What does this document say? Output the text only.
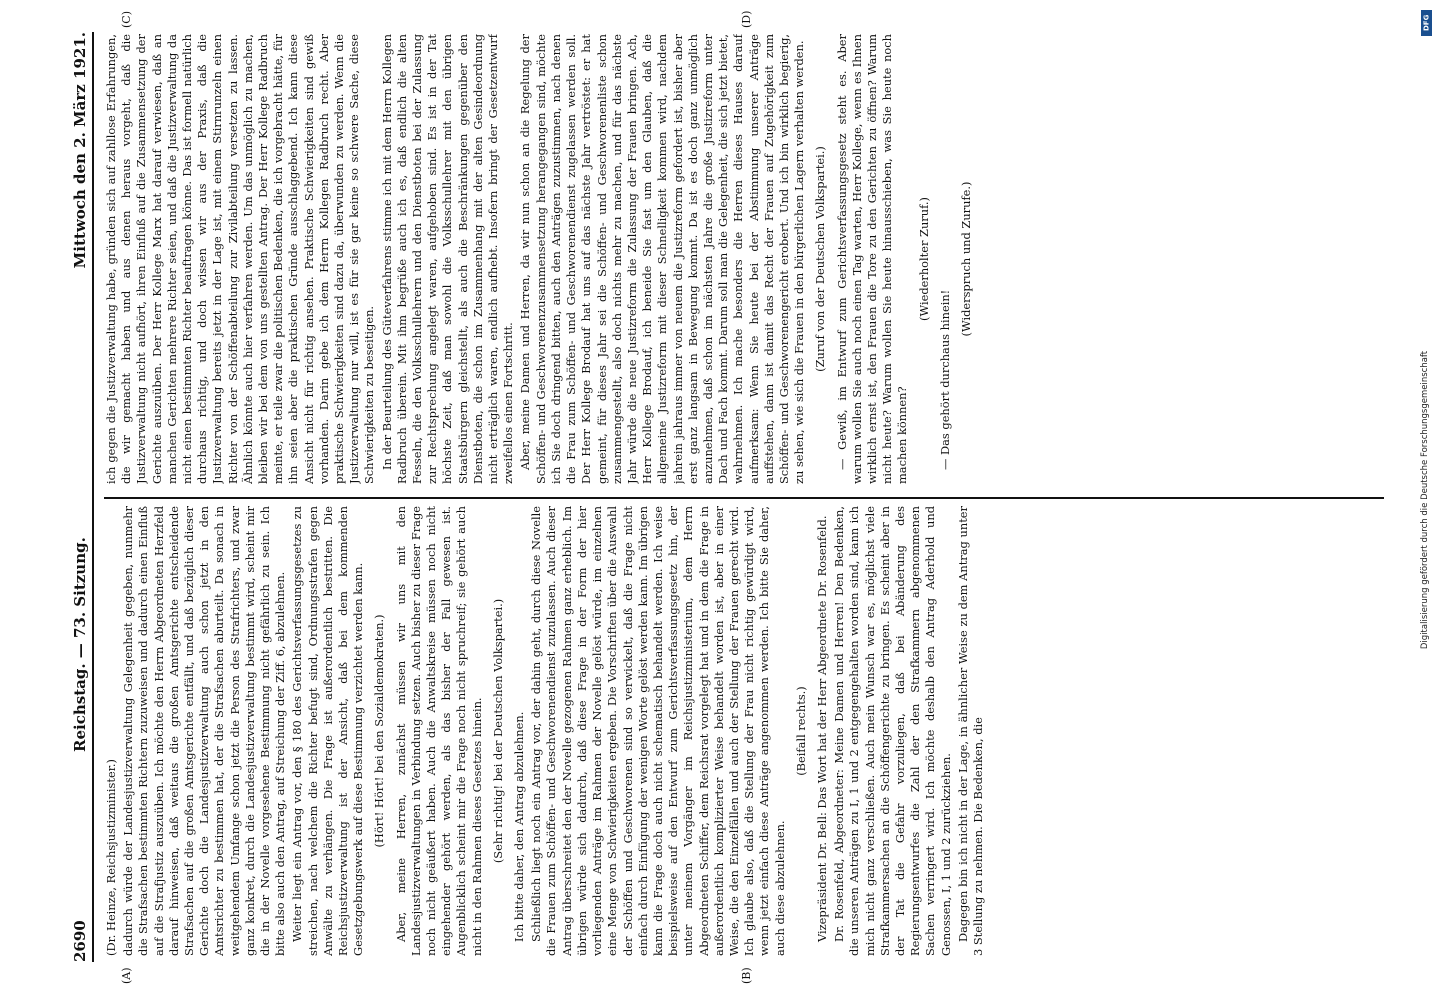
2690
Reichstag. — 73. Sitzung.
Mittwoch den 2. März 1921.
(A)	(B)
(C)	(D)

(Dr. Heinze, Reichsjustizminister.) dadurch würde der Landesjustizverwaltung Gelegenheit gegeben, nunmehr die Strafsachen bestimmten Richtern zuzuweisen und dadurch einen Einfluß auf die Strafjustiz auszuüben. Ich möchte den Herrn Abgeordneten Herzfeld darauf hinweisen, daß weitaus die großen Amtsgerichte entscheidende Strafsachen auf die großen Amtsgerichte entfällt, und daß bezüglich dieser Gerichte doch die Landesjustizverwaltung auch schon jetzt in den Amtsrichter zu bestimmen hat, der die Strafsachen aburteilt. Da sonach in weitgehendem Umfange schon jetzt die Person des Strafrichters, und zwar ganz konkret, durch die Landesjustizverwaltung bestimmt wird, scheint mir die in der Novelle vorgesehene Bestimmung nicht gefährlich zu sein. Ich bitte also auch den Antrag, auf Streichung der Ziff. 6, abzulehnen. Weiter liegt ein Antrag vor, den § 180 des Gerichtsverfassungsgesetzes zu streichen, nach welchem die Richter befugt sind, Ordnungsstrafen gegen Anwälte zu verhängen. Die Frage ist außerordentlich bestritten. Die Reichsjustizverwaltung ist der Ansicht, daß bei dem kommenden Gesetzgebungswerk auf diese Bestimmung verzichtet werden kann. (Hört! Hört! bei den Sozialdemokraten.) Aber, meine Herren, zunächst müssen wir uns mit den Landesjustizverwaltungen in Verbindung setzen. Auch bisher zu dieser Frage noch nicht geäußert haben. Auch die Anwaltskreise müssen noch nicht eingehender gehört werden, als das bisher der Fall gewesen ist. Augenblicklich scheint mir die Frage noch nicht spruchreif; sie gehört auch nicht in den Rahmen dieses Gesetzes hinein. (Sehr richtig! bei der Deutschen Volkspartei.) Ich bitte daher, den Antrag abzulehnen. Schließlich liegt noch ein Antrag vor, der dahin geht, durch diese Novelle die Frauen zum Schöffen- und Geschworenendienst zuzulassen. Auch dieser Antrag überschreitet den der Novelle gezogenen Rahmen ganz erheblich. Im übrigen würde sich dadurch, daß diese Frage in der Form der hier vorliegenden Anträge im Rahmen der Novelle gelöst würde, im einzelnen eine Menge von Schwierigkeiten ergeben. Die Vorschriften über die Auswahl der Schöffen und Geschworenen sind so verwickelt, daß die Frage nicht einfach durch Einfügung der wenigen Worte gelöst werden kann. Im übrigen kann die Frage doch auch nicht schematisch behandelt werden. Ich weise beispielsweise auf den Entwurf zum Gerichtsverfassungsgesetz hin, der unter meinem Vorgänger im Reichsjustizministerium, dem Herrn Abgeordneten Schiffer, dem Reichsrat vorgelegt hat und in dem die Frage in außerordentlich komplizierter Weise behandelt worden ist, aber in einer Weise, die den Einzelfällen und auch der Stellung der Frauen gerecht wird. Ich glaube also, daß die Stellung der Frau nicht richtig gewürdigt wird, wenn jetzt einfach diese Anträge angenommen werden. Ich bitte Sie daher, auch diese abzulehnen.

(Beifall rechts.) Vizepräsident Dr. Bell: Das Wort hat der Herr Abgeordnete Dr. Rosenfeld. Dr. Rosenfeld, Abgeordneter: Meine Damen und Herren! Den Bedenken, die unseren Anträgen zu I, 1 und 2 entgegengehalten worden sind, kann ich mich nicht ganz verschließen. Auch mein Wunsch war es, möglichst viele Strafkammersachen an die Schöffengerichte zu bringen. Es scheint aber in der Tat die Gefahr vorzuliegen, daß bei Abänderung des Regierungsentwurfes die Zahl der den Strafkammern abgenommenen Sachen verringert wird. Ich möchte deshalb den Antrag Aderhold und Genossen, I, 1 und 2 zurückziehen. Dagegen bin ich nicht in der Lage, in ähnlicher Weise zu dem Antrag unter 3 Stellung zu nehmen. Die Bedenken, die

ich gegen die Justizverwaltung habe, gründen sich auf zahllose Erfahrungen, die wir gemacht haben und aus denen heraus vorgeht, daß die Justizverwaltung nicht aufhört, ihren Einfluß auf die Zusammensetzung der Gerichte auszuüben. Der Herr Kollege Marx hat darauf verwiesen, daß an manchen Gerichten mehrere Richter seien, und daß die Justizverwaltung da nicht einen bestimmten Richter beauftragen könne. Das ist formell natürlich durchaus richtig, und doch wissen wir aus der Praxis, daß die Justizverwaltung bereits jetzt in der Lage ist, mit einem Stirnrunzeln einen Richter von der Schöffenabteilung zur Zivilabteilung versetzen zu lassen. Ähnlich könnte auch hier verfahren werden. Um das unmöglich zu machen, bleiben wir bei dem von uns gestellten Antrag. Der Herr Kollege Radbruch meinte, er teile zwar die politischen Bedenken, die ich vorgebracht hätte, für ihn seien aber die praktischen Gründe ausschlaggebend. Ich kann diese Ansicht nicht für richtig ansehen. Praktische Schwierigkeiten sind gewiß vorhanden. Darin gebe ich dem Herrn Kollegen Radbruch recht. Aber praktische Schwierigkeiten sind dazu da, überwunden zu werden. Wenn die Justizverwaltung nur will, ist es für sie gar keine so schwere Sache, diese Schwierigkeiten zu beseitigen. In der Beurteilung des Güteverfahrens stimme ich mit dem Herrn Kollegen Radbruch überein. Mit ihm begrüße auch ich es, daß endlich die alten Fesseln, die den Volksschullehrern und den Dienstboten bei der Zulassung zur Rechtsprechung angelegt waren, aufgehoben sind. Es ist in der Tat höchste Zeit, daß man sowohl die Volksschullehrer mit den übrigen Staatsbürgern gleichstellt, als auch die Beschränkungen gegenüber den Dienstboten, die schon im Zusammenhang mit der alten Gesindeordnung nicht erträglich waren, endlich aufhebt. Insofern bringt der Gesetzentwurf zweifellos einen Fortschritt. Aber, meine Damen und Herren, da wir nun schon an die Regelung der Schöffen- und Geschworenenzusammensetzung herangegangen sind, möchte ich Sie doch dringend bitten, auch den Anträgen zuzustimmen, nach denen die Frau zum Schöffen- und Geschworenendienst zugelassen werden soll. Der Herr Kollege Brodauf hat uns auf das nächste Jahr vertröstet: er hat gemeint, für dieses Jahr sei die Schöffen- und Geschworenenliste schon zusammengestellt, also doch nichts mehr zu machen, und für das nächste Jahr würde die neue Justizreform die Zulassung der Frauen bringen. Ach, Herr Kollege Brodauf, ich beneide Sie fast um den Glauben, daß die allgemeine Justizreform mit dieser Schnelligkeit kommen wird, nachdem jahrein jahraus immer von neuem die Justizreform gefordert ist, bisher aber erst ganz langsam in Bewegung kommt. Da ist es doch ganz unmöglich anzunehmen, daß schon im nächsten Jahre die große Justizreform unter Dach und Fach kommt. Darum soll man die Gelegenheit, die sich jetzt bietet, wahrnehmen. Ich mache besonders die Herren dieses Hauses darauf aufmerksam: Wenn Sie heute bei der Abstimmung unserer Anträge auffstehen, dann ist damit das Recht der Frauen auf Zugehörigkeit zum Schöffen- und Geschworenengericht erobert. Und ich bin wirklich begierig, zu sehen, wie sich die Frauen in den bürgerlichen Lagern verhalten werden. (Zuruf von der Deutschen Volkspartei.) — Gewiß, im Entwurf zum Gerichtsverfassungsgesetz steht es. Aber warum wollen Sie auch noch einen Tag warten, Herr Kollege, wenn es Ihnen wirklich ernst ist, den Frauen die Tore zu den Gerichten zu öffnen? Warum nicht heute? Warum wollen Sie heute hinausschieben, was Sie heute noch machen können?

(Wiederholter Zuruf.)

— Das gehört durchaus hinein!

(Widerspruch und Zurufe.)

DFG
Digitalisierung gefördert durch die Deutsche Forschungsgemeinschaft
